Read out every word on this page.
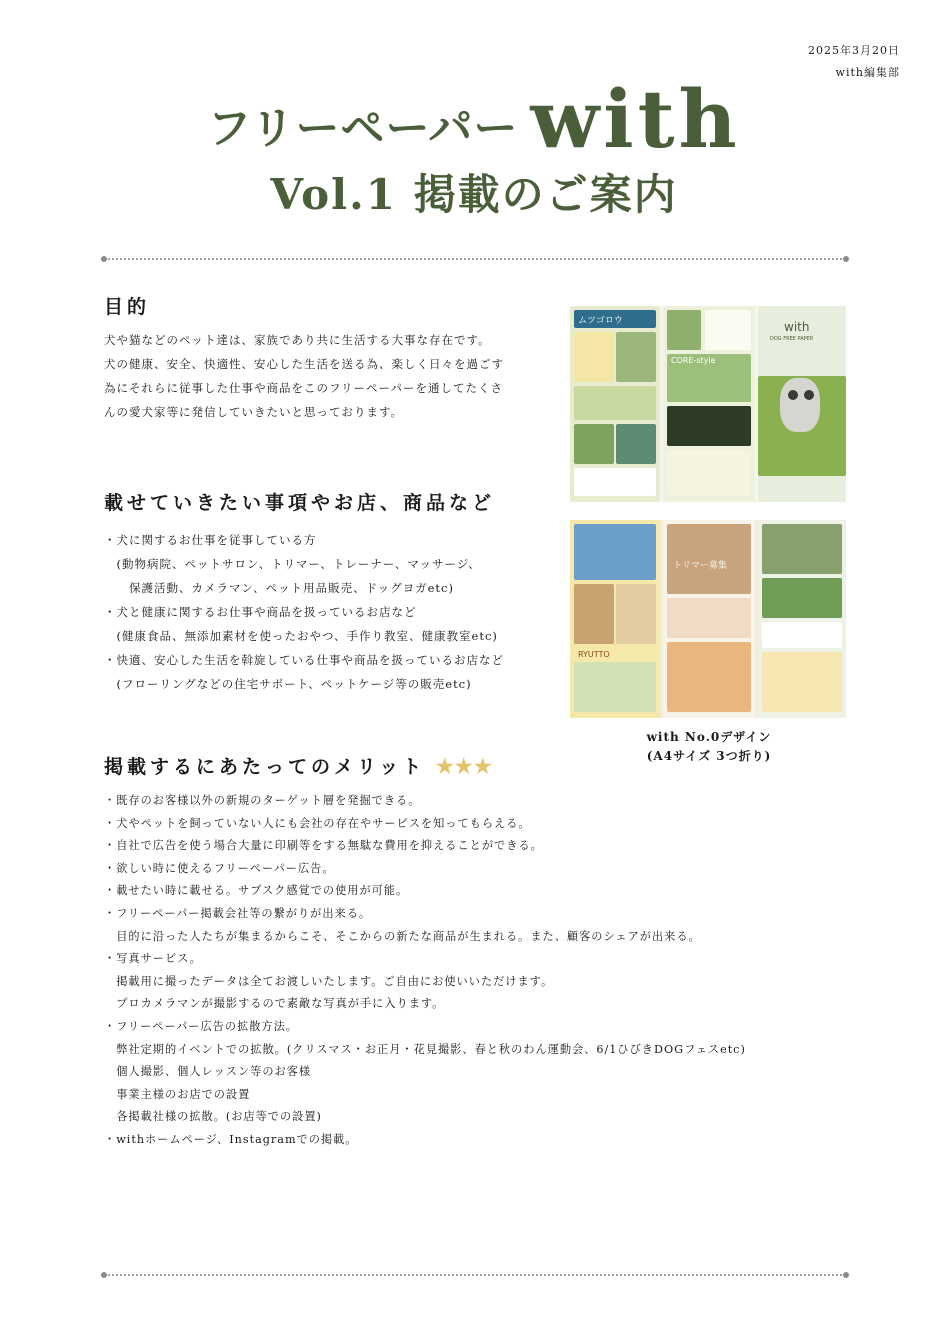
2025年3月20日
with編集部
フリーペーパー with
Vol.1 掲載のご案内
目的
犬や猫などのペット達は、家族であり共に生活する大事な存在です。
犬の健康、安全、快適性、安心した生活を送る為、楽しく日々を過ごす
為にそれらに従事した仕事や商品をこのフリーペーパーを通してたくさ
んの愛犬家等に発信していきたいと思っております。
載せていきたい事項やお店、商品など
・犬に関するお仕事を従事している方
　(動物病院、ペットサロン、トリマー、トレーナー、マッサージ、
　　保護活動、カメラマン、ペット用品販売、ドッグヨガetc)
・犬と健康に関するお仕事や商品を扱っているお店など
　(健康食品、無添加素材を使ったおやつ、手作り教室、健康教室etc)
・快適、安心した生活を斡旋している仕事や商品を扱っているお店など
　(フローリングなどの住宅サポート、ペットケージ等の販売etc)
掲載するにあたってのメリット ★★★
・既存のお客様以外の新規のターゲット層を発掘できる。
・犬やペットを飼っていない人にも会社の存在やサービスを知ってもらえる。
・自社で広告を使う場合大量に印刷等をする無駄な費用を抑えることができる。
・欲しい時に使えるフリーペーパー広告。
・載せたい時に載せる。サブスク感覚での使用が可能。
・フリーペーパー掲載会社等の繋がりが出来る。
　目的に沿った人たちが集まるからこそ、そこからの新たな商品が生まれる。また、顧客のシェアが出来る。
・写真サービス。
　掲載用に撮ったデータは全てお渡しいたします。ご自由にお使いいただけます。
　プロカメラマンが撮影するので素敵な写真が手に入ります。
・フリーペーパー広告の拡散方法。
　弊社定期的イベントでの拡散。(クリスマス・お正月・花見撮影、春と秋のわん運動会、6/1ひびきDOGフェスetc)
　個人撮影、個人レッスン等のお客様
　事業主様のお店での設置
　各掲載社様の拡散。(お店等での設置)
・withホームページ、Instagramでの掲載。
ムツゴロウ
CORE-style
with
DOG FREE PAPER
RYUTTO
トリマー募集
with No.0デザイン
(A4サイズ 3つ折り)
